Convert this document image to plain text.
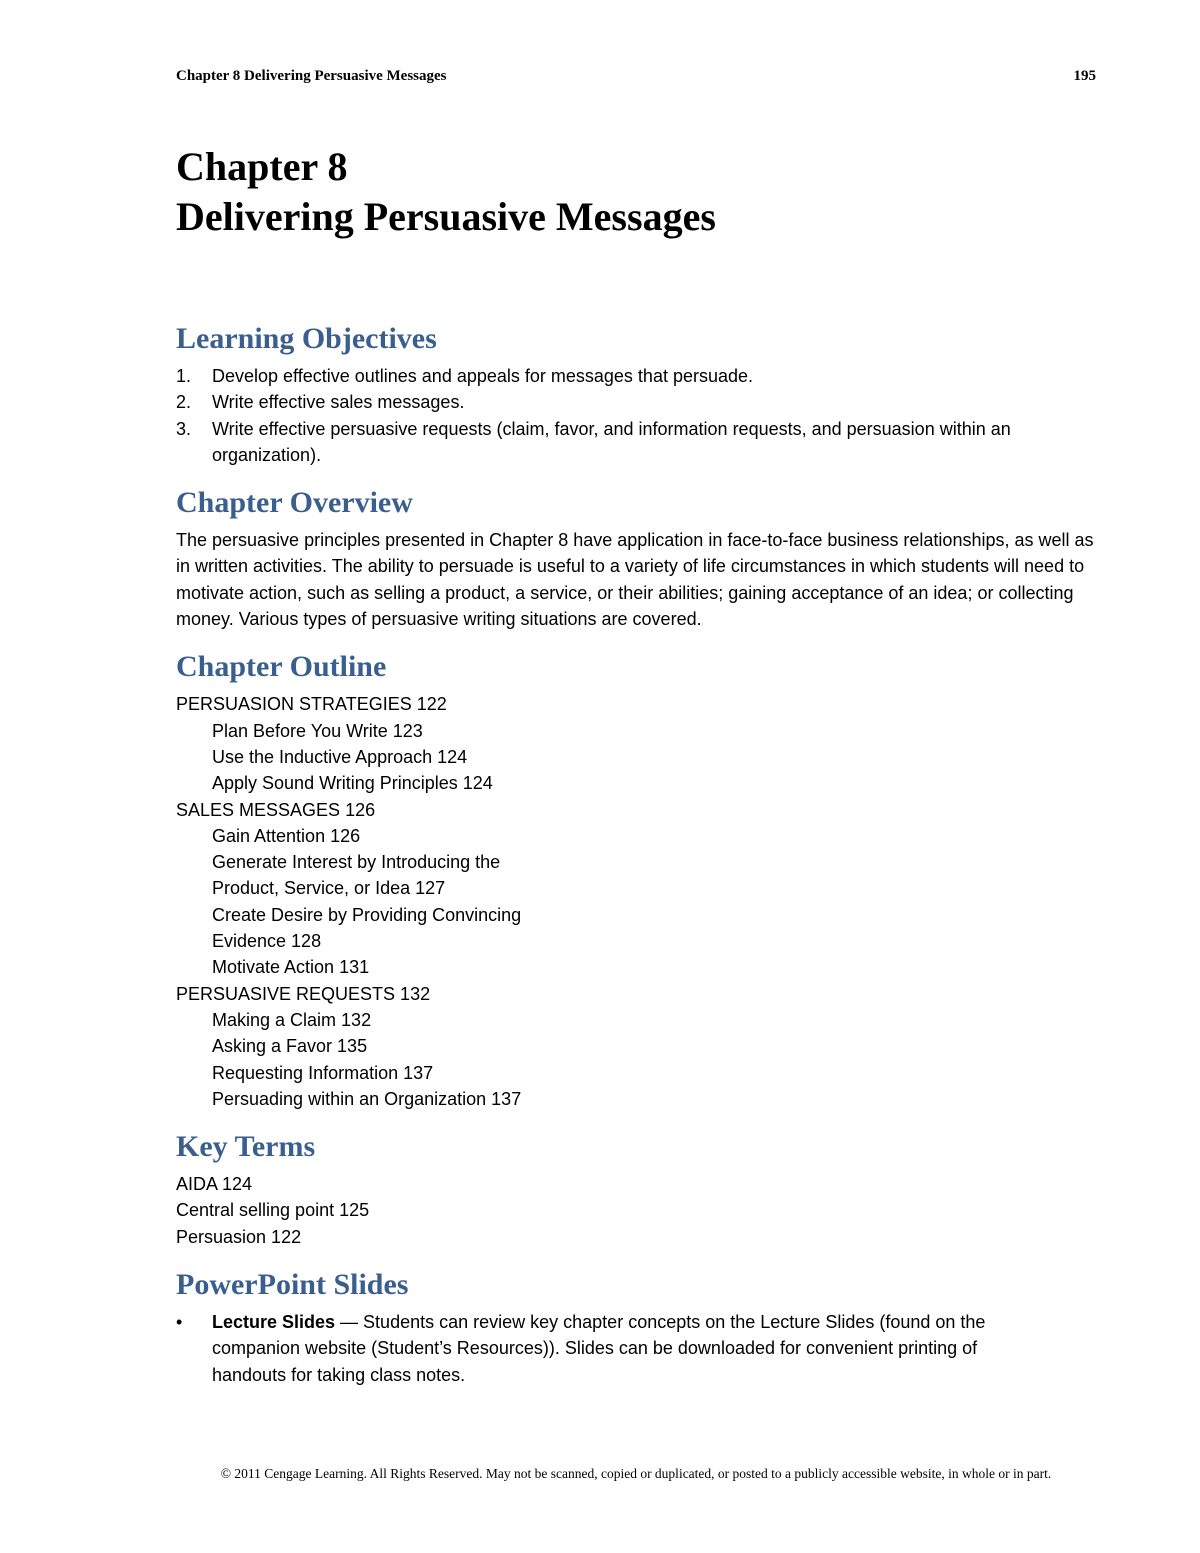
Chapter 8 Delivering Persuasive Messages	195
Chapter 8
Delivering Persuasive Messages
Learning Objectives
1. Develop effective outlines and appeals for messages that persuade.
2. Write effective sales messages.
3. Write effective persuasive requests (claim, favor, and information requests, and persuasion within an organization).
Chapter Overview
The persuasive principles presented in Chapter 8 have application in face-to-face business relationships, as well as in written activities. The ability to persuade is useful to a variety of life circumstances in which students will need to motivate action, such as selling a product, a service, or their abilities; gaining acceptance of an idea; or collecting money. Various types of persuasive writing situations are covered.
Chapter Outline
PERSUASION STRATEGIES 122
Plan Before You Write 123
Use the Inductive Approach 124
Apply Sound Writing Principles 124
SALES MESSAGES 126
Gain Attention 126
Generate Interest by Introducing the
Product, Service, or Idea 127
Create Desire by Providing Convincing
Evidence 128
Motivate Action 131
PERSUASIVE REQUESTS 132
Making a Claim 132
Asking a Favor 135
Requesting Information 137
Persuading within an Organization 137
Key Terms
AIDA 124
Central selling point 125
Persuasion 122
PowerPoint Slides
• Lecture Slides — Students can review key chapter concepts on the Lecture Slides (found on the companion website (Student’s Resources)). Slides can be downloaded for convenient printing of handouts for taking class notes.
© 2011 Cengage Learning. All Rights Reserved. May not be scanned, copied or duplicated, or posted to a publicly accessible website, in whole or in part.
